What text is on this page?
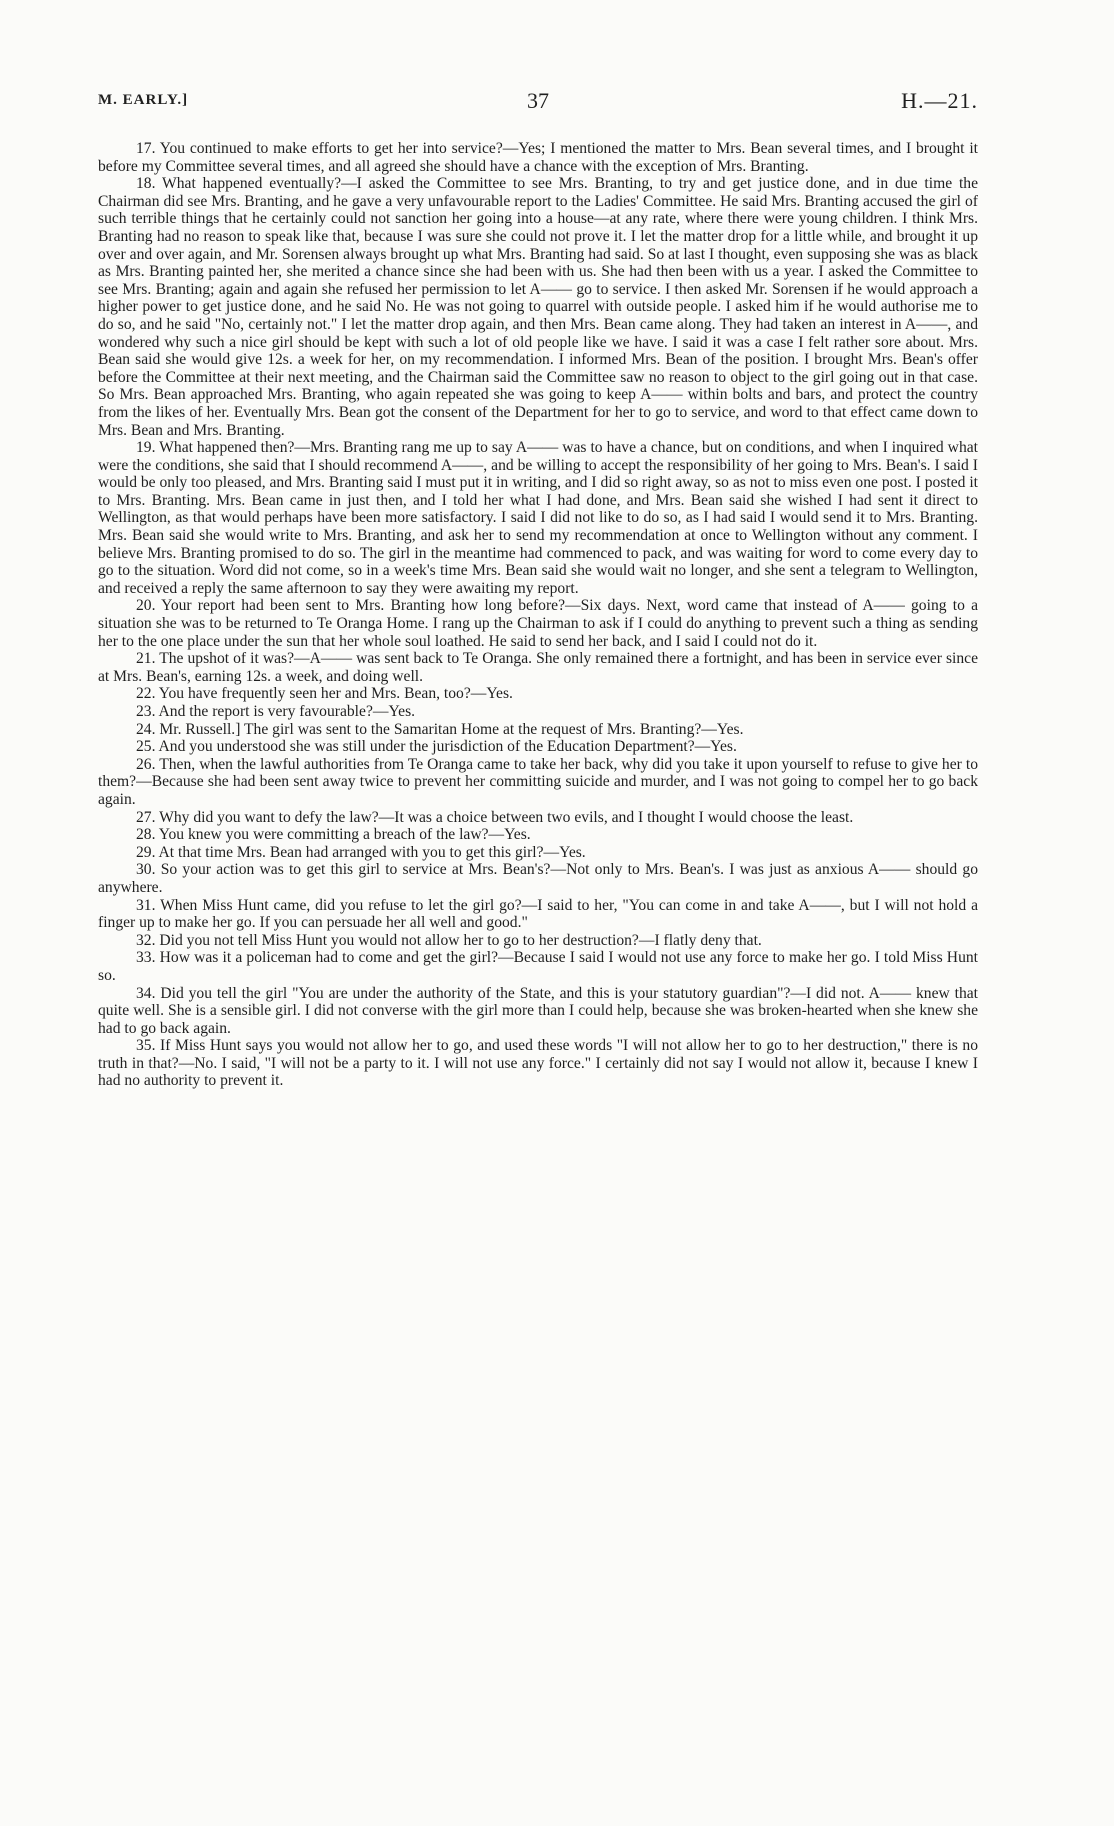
M. EARLY.]	37	H.—21.

17. You continued to make efforts to get her into service?—Yes; I mentioned the matter to Mrs. Bean several times, and I brought it before my Committee several times, and all agreed she should have a chance with the exception of Mrs. Branting.

18. What happened eventually?—I asked the Committee to see Mrs. Branting, to try and get justice done, and in due time the Chairman did see Mrs. Branting, and he gave a very unfavourable report to the Ladies' Committee. He said Mrs. Branting accused the girl of such terrible things that he certainly could not sanction her going into a house—at any rate, where there were young children. I think Mrs. Branting had no reason to speak like that, because I was sure she could not prove it. I let the matter drop for a little while, and brought it up over and over again, and Mr. Sorensen always brought up what Mrs. Branting had said. So at last I thought, even supposing she was as black as Mrs. Branting painted her, she merited a chance since she had been with us. She had then been with us a year. I asked the Committee to see Mrs. Branting; again and again she refused her permission to let A—— go to service. I then asked Mr. Sorensen if he would approach a higher power to get justice done, and he said No. He was not going to quarrel with outside people. I asked him if he would authorise me to do so, and he said "No, certainly not." I let the matter drop again, and then Mrs. Bean came along. They had taken an interest in A——, and wondered why such a nice girl should be kept with such a lot of old people like we have. I said it was a case I felt rather sore about. Mrs. Bean said she would give 12s. a week for her, on my recommendation. I informed Mrs. Bean of the position. I brought Mrs. Bean's offer before the Committee at their next meeting, and the Chairman said the Committee saw no reason to object to the girl going out in that case. So Mrs. Bean approached Mrs. Branting, who again repeated she was going to keep A—— within bolts and bars, and protect the country from the likes of her. Eventually Mrs. Bean got the consent of the Department for her to go to service, and word to that effect came down to Mrs. Bean and Mrs. Branting.

19. What happened then?—Mrs. Branting rang me up to say A—— was to have a chance, but on conditions, and when I inquired what were the conditions, she said that I should recommend A——, and be willing to accept the responsibility of her going to Mrs. Bean's. I said I would be only too pleased, and Mrs. Branting said I must put it in writing, and I did so right away, so as not to miss even one post. I posted it to Mrs. Branting. Mrs. Bean came in just then, and I told her what I had done, and Mrs. Bean said she wished I had sent it direct to Wellington, as that would perhaps have been more satisfactory. I said I did not like to do so, as I had said I would send it to Mrs. Branting. Mrs. Bean said she would write to Mrs. Branting, and ask her to send my recommendation at once to Wellington without any comment. I believe Mrs. Branting promised to do so. The girl in the meantime had commenced to pack, and was waiting for word to come every day to go to the situation. Word did not come, so in a week's time Mrs. Bean said she would wait no longer, and she sent a telegram to Wellington, and received a reply the same afternoon to say they were awaiting my report.

20. Your report had been sent to Mrs. Branting how long before?—Six days. Next, word came that instead of A—— going to a situation she was to be returned to Te Oranga Home. I rang up the Chairman to ask if I could do anything to prevent such a thing as sending her to the one place under the sun that her whole soul loathed. He said to send her back, and I said I could not do it.

21. The upshot of it was?—A—— was sent back to Te Oranga. She only remained there a fortnight, and has been in service ever since at Mrs. Bean's, earning 12s. a week, and doing well.

22. You have frequently seen her and Mrs. Bean, too?—Yes.

23. And the report is very favourable?—Yes.

24. Mr. Russell.] The girl was sent to the Samaritan Home at the request of Mrs. Branting?—Yes.

25. And you understood she was still under the jurisdiction of the Education Department?—Yes.

26. Then, when the lawful authorities from Te Oranga came to take her back, why did you take it upon yourself to refuse to give her to them?—Because she had been sent away twice to prevent her committing suicide and murder, and I was not going to compel her to go back again.

27. Why did you want to defy the law?—It was a choice between two evils, and I thought I would choose the least.

28. You knew you were committing a breach of the law?—Yes.

29. At that time Mrs. Bean had arranged with you to get this girl?—Yes.

30. So your action was to get this girl to service at Mrs. Bean's?—Not only to Mrs. Bean's. I was just as anxious A—— should go anywhere.

31. When Miss Hunt came, did you refuse to let the girl go?—I said to her, "You can come in and take A——, but I will not hold a finger up to make her go. If you can persuade her all well and good."

32. Did you not tell Miss Hunt you would not allow her to go to her destruction?—I flatly deny that.

33. How was it a policeman had to come and get the girl?—Because I said I would not use any force to make her go. I told Miss Hunt so.

34. Did you tell the girl "You are under the authority of the State, and this is your statutory guardian"?—I did not. A—— knew that quite well. She is a sensible girl. I did not converse with the girl more than I could help, because she was broken-hearted when she knew she had to go back again.

35. If Miss Hunt says you would not allow her to go, and used these words "I will not allow her to go to her destruction," there is no truth in that?—No. I said, "I will not be a party to it. I will not use any force." I certainly did not say I would not allow it, because I knew I had no authority to prevent it.
